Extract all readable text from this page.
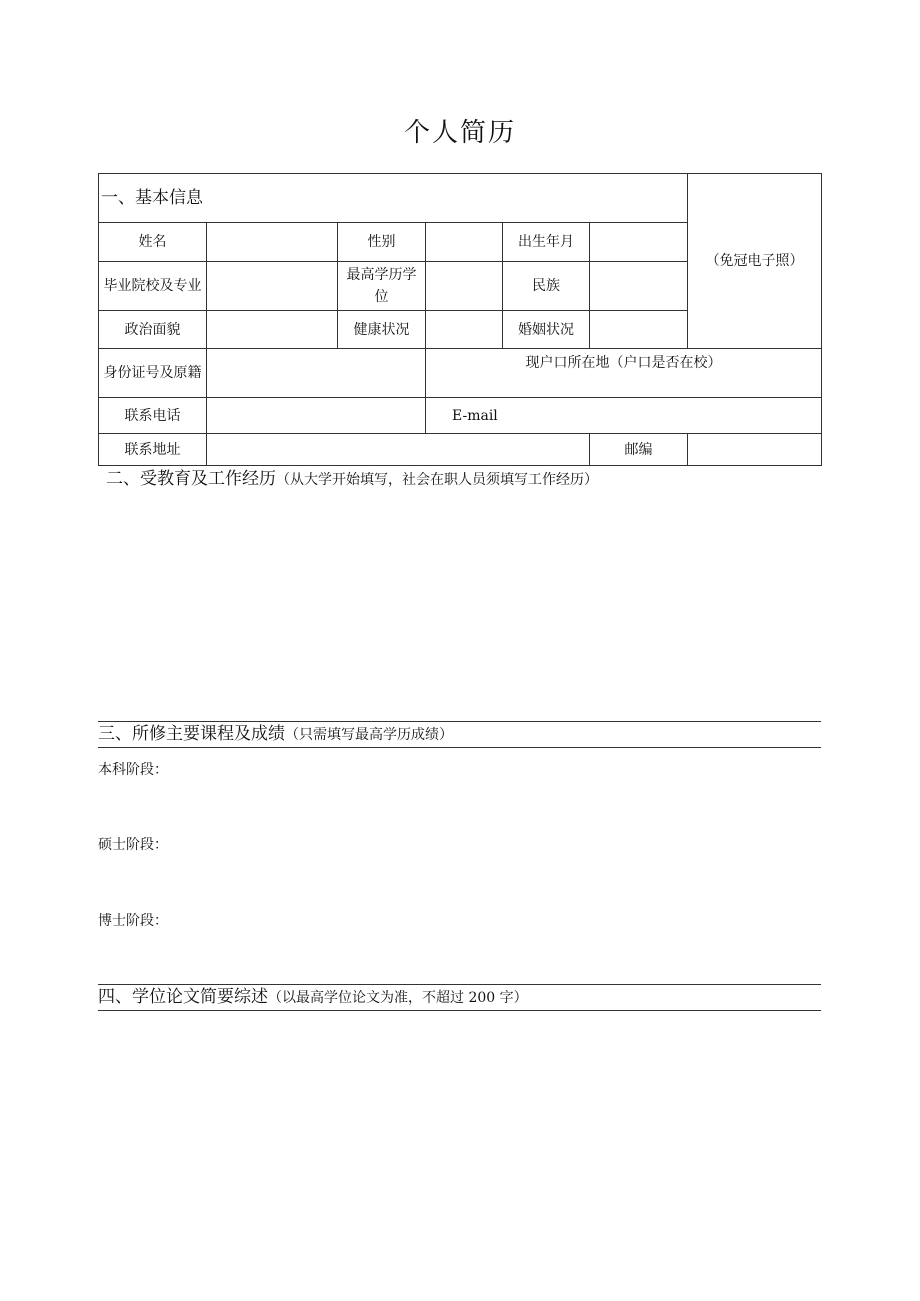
个人简历
一、基本信息						（免冠电子照）
姓名		性别		出生年月		
毕业院校及专业		最高学历学位		民族		
政治面貌		健康状况		婚姻状况		
身份证号及原籍			现户口所在地（户口是否在校）			
联系电话			E-mail			
联系地址					邮编	
二、受教育及工作经历（从大学开始填写，社会在职人员须填写工作经历）
三、所修主要课程及成绩（只需填写最高学历成绩）
本科阶段：
硕士阶段：
博士阶段：
四、学位论文简要综述（以最高学位论文为准，不超过 200 字）
